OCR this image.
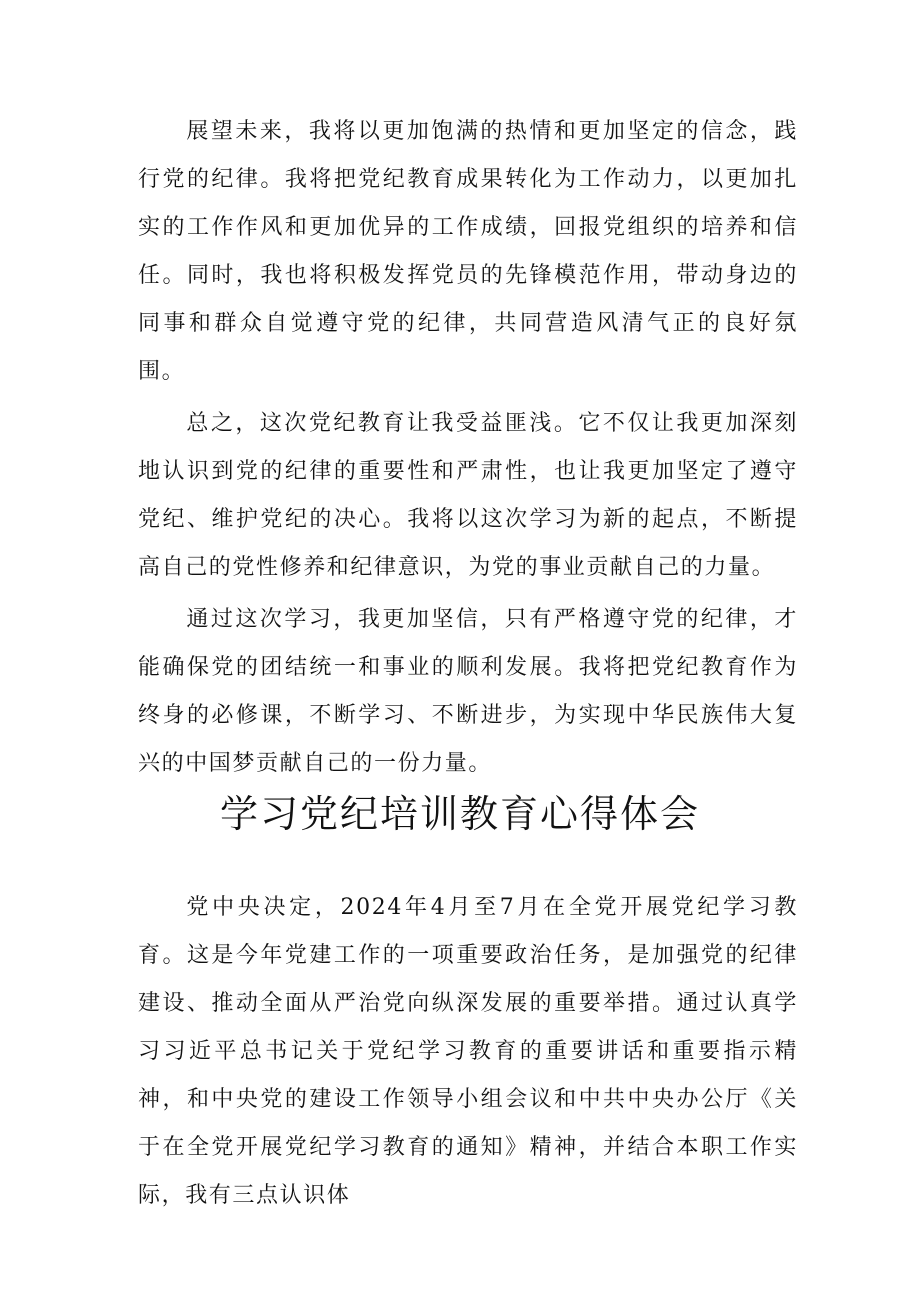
展望未来，我将以更加饱满的热情和更加坚定的信念，践行党的纪律。我将把党纪教育成果转化为工作动力，以更加扎实的工作作风和更加优异的工作成绩，回报党组织的培养和信任。同时，我也将积极发挥党员的先锋模范作用，带动身边的同事和群众自觉遵守党的纪律，共同营造风清气正的良好氛围。

总之，这次党纪教育让我受益匪浅。它不仅让我更加深刻地认识到党的纪律的重要性和严肃性，也让我更加坚定了遵守党纪、维护党纪的决心。我将以这次学习为新的起点，不断提高自己的党性修养和纪律意识，为党的事业贡献自己的力量。

通过这次学习，我更加坚信，只有严格遵守党的纪律，才能确保党的团结统一和事业的顺利发展。我将把党纪教育作为终身的必修课，不断学习、不断进步，为实现中华民族伟大复兴的中国梦贡献自己的一份力量。

学习党纪培训教育心得体会

党中央决定，2024年4月至7月在全党开展党纪学习教育。这是今年党建工作的一项重要政治任务，是加强党的纪律建设、推动全面从严治党向纵深发展的重要举措。通过认真学习习近平总书记关于党纪学习教育的重要讲话和重要指示精神，和中央党的建设工作领导小组会议和中共中央办公厅《关于在全党开展党纪学习教育的通知》精神，并结合本职工作实际，我有三点认识体
